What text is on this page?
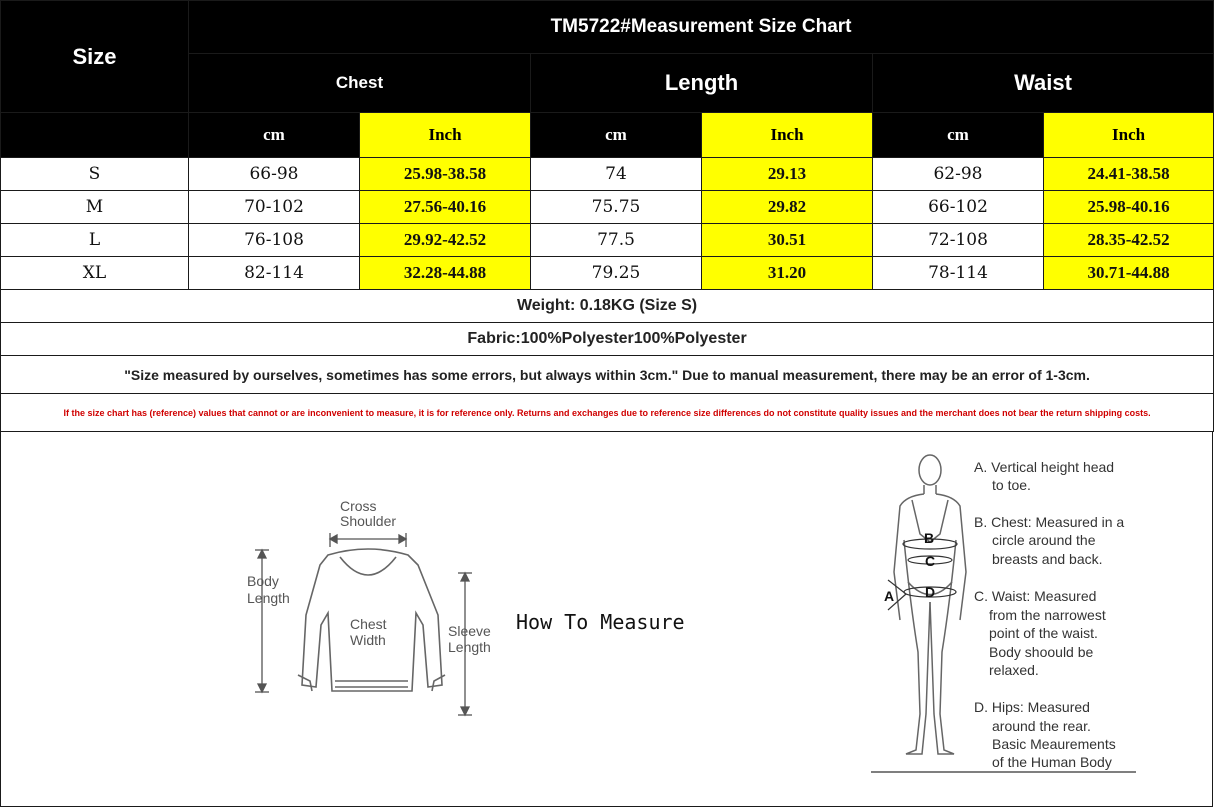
Size	TM5722#Measurement Size Chart					
	Chest		Length		Waist	
	cm	Inch	cm	Inch	cm	Inch
S	66-98	25.98-38.58	74	29.13	62-98	24.41-38.58
M	70-102	27.56-40.16	75.75	29.82	66-102	25.98-40.16
L	76-108	29.92-42.52	77.5	30.51	72-108	28.35-42.52
XL	82-114	32.28-44.88	79.25	31.20	78-114	30.71-44.88
Weight: 0.18KG (Size S)						
Fabric:100%Polyester100%Polyester						
"Size measured by ourselves, sometimes has some errors, but always within 3cm." Due to manual measurement, there may be an error of 1-3cm.						
If the size chart has (reference) values that cannot or are inconvenient to measure, it is for reference only. Returns and exchanges due to reference size differences do not constitute quality issues and the merchant does not bear the return shipping costs.						
Cross
Shoulder
Body
Length
Chest
Width
Sleeve
Length
How To Measure
B
C
D
A
A. Vertical height head
to toe.
B. Chest: Measured in a
circle around the
breasts and back.
C. Waist: Measured
from the narrowest
point of the waist.
Body shoould be
relaxed.
D. Hips: Measured
around the rear.
Basic Meaurements
of the Human Body
